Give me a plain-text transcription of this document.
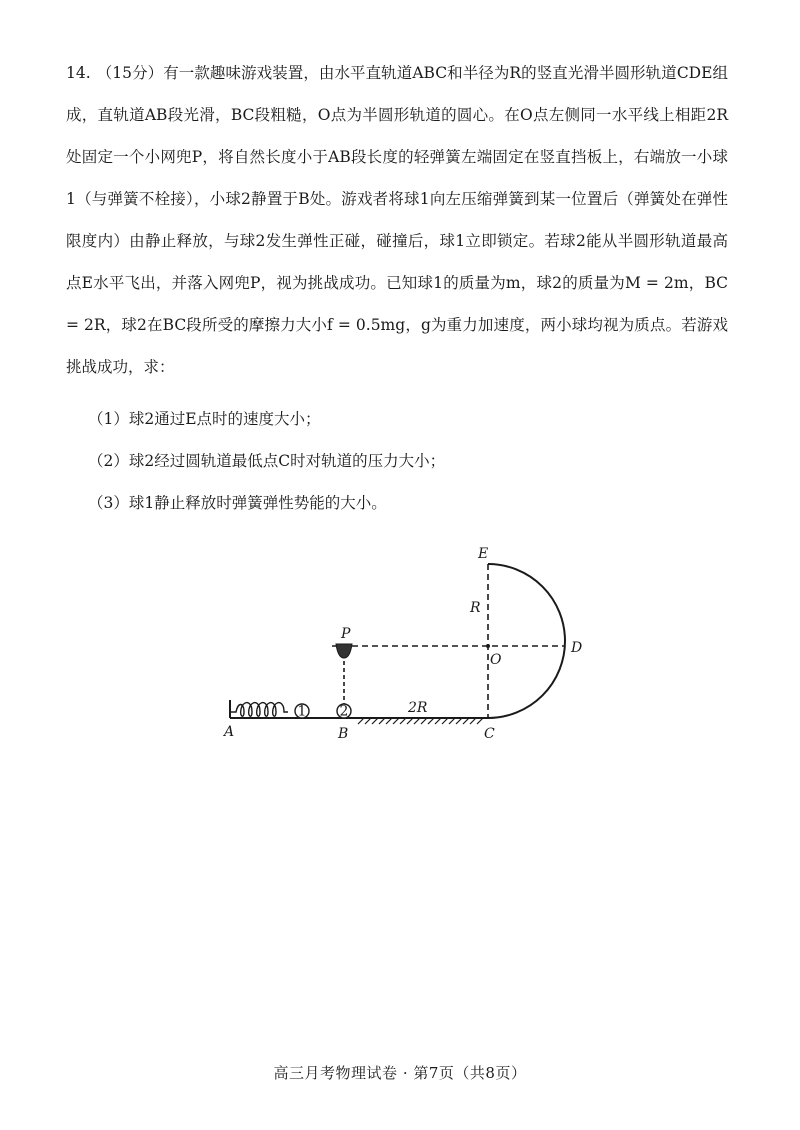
14. （15分）有一款趣味游戏装置，由水平直轨道ABC和半径为R的竖直光滑半圆形轨道CDE组成，直轨道AB段光滑，BC段粗糙，O点为半圆形轨道的圆心。在O点左侧同一水平线上相距2R处固定一个小网兜P，将自然长度小于AB段长度的轻弹簧左端固定在竖直挡板上，右端放一小球1（与弹簧不栓接），小球2静置于B处。游戏者将球1向左压缩弹簧到某一位置后（弹簧处在弹性限度内）由静止释放，与球2发生弹性正碰，碰撞后，球1立即锁定。若球2能从半圆形轨道最高点E水平飞出，并落入网兜P，视为挑战成功。已知球1的质量为m，球2的质量为M = 2m，BC = 2R，球2在BC段所受的摩擦力大小f = 0.5mg，g为重力加速度，两小球均视为质点。若游戏挑战成功，求：

（1）球2通过E点时的速度大小；

（2）球2经过圆轨道最低点C时对轨道的压力大小；

（3）球1静止释放时弹簧弹性势能的大小。

1 2
E
R
P
O
D
A	B	C
2R
高三月考物理试卷 · 第7页（共8页）
